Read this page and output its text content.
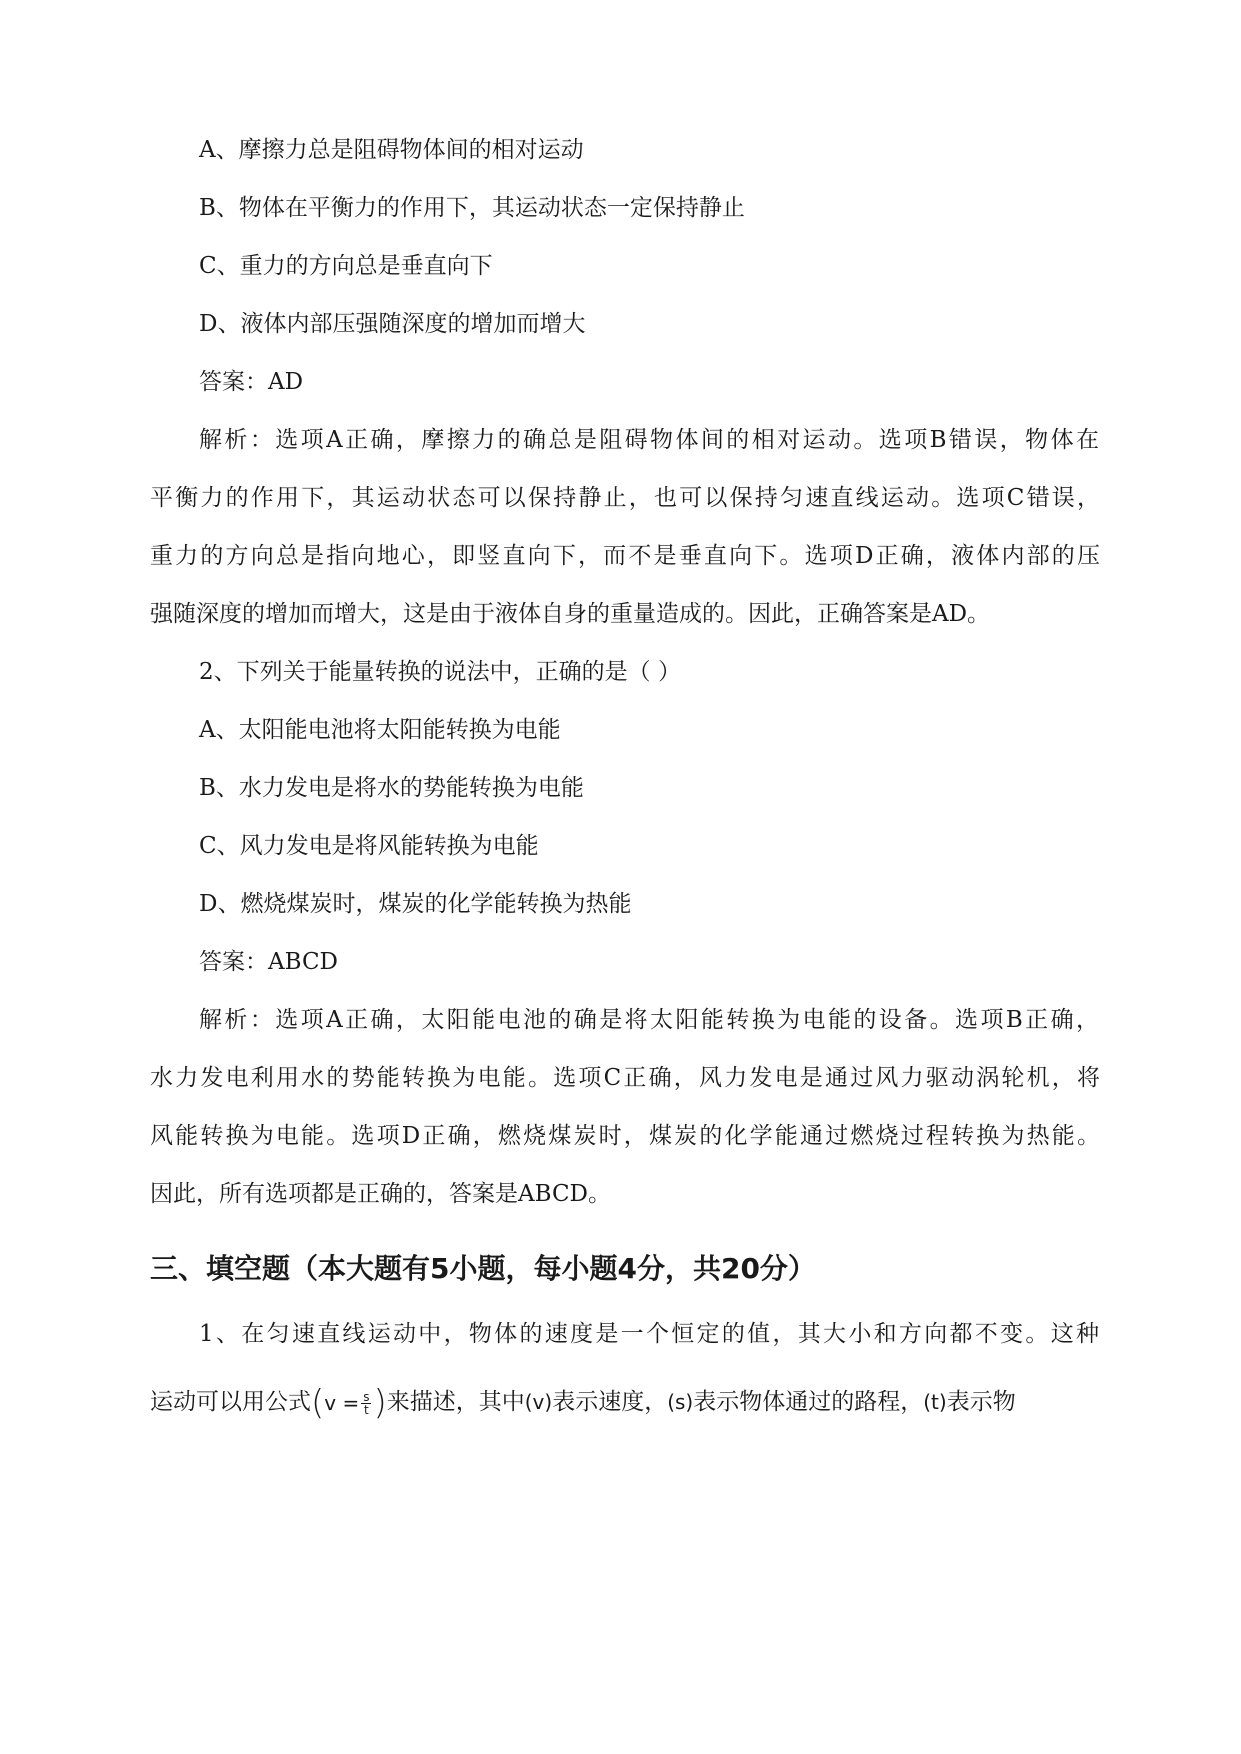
A、摩擦力总是阻碍物体间的相对运动
B、物体在平衡力的作用下，其运动状态一定保持静止
C、重力的方向总是垂直向下
D、液体内部压强随深度的增加而增大
答案：AD
解析：选项A正确，摩擦力的确总是阻碍物体间的相对运动。选项B错误，物体在
平衡力的作用下，其运动状态可以保持静止，也可以保持匀速直线运动。选项C错误，
重力的方向总是指向地心，即竖直向下，而不是垂直向下。选项D正确，液体内部的压
强随深度的增加而增大，这是由于液体自身的重量造成的。因此，正确答案是AD。
2、下列关于能量转换的说法中，正确的是（ ）
A、太阳能电池将太阳能转换为电能
B、水力发电是将水的势能转换为电能
C、风力发电是将风能转换为电能
D、燃烧煤炭时，煤炭的化学能转换为热能
答案：ABCD
解析：选项A正确，太阳能电池的确是将太阳能转换为电能的设备。选项B正确，
水力发电利用水的势能转换为电能。选项C正确，风力发电是通过风力驱动涡轮机，将
风能转换为电能。选项D正确，燃烧煤炭时，煤炭的化学能通过燃烧过程转换为热能。
因此，所有选项都是正确的，答案是ABCD。
三、填空题（本大题有5小题，每小题4分，共20分）
1、在匀速直线运动中，物体的速度是一个恒定的值，其大小和方向都不变。这种
运动可以用公式($v = \frac{s}{t}$ )来描述，其中(v)表示速度，(s)表示物体通过的路程，(t)表示物
